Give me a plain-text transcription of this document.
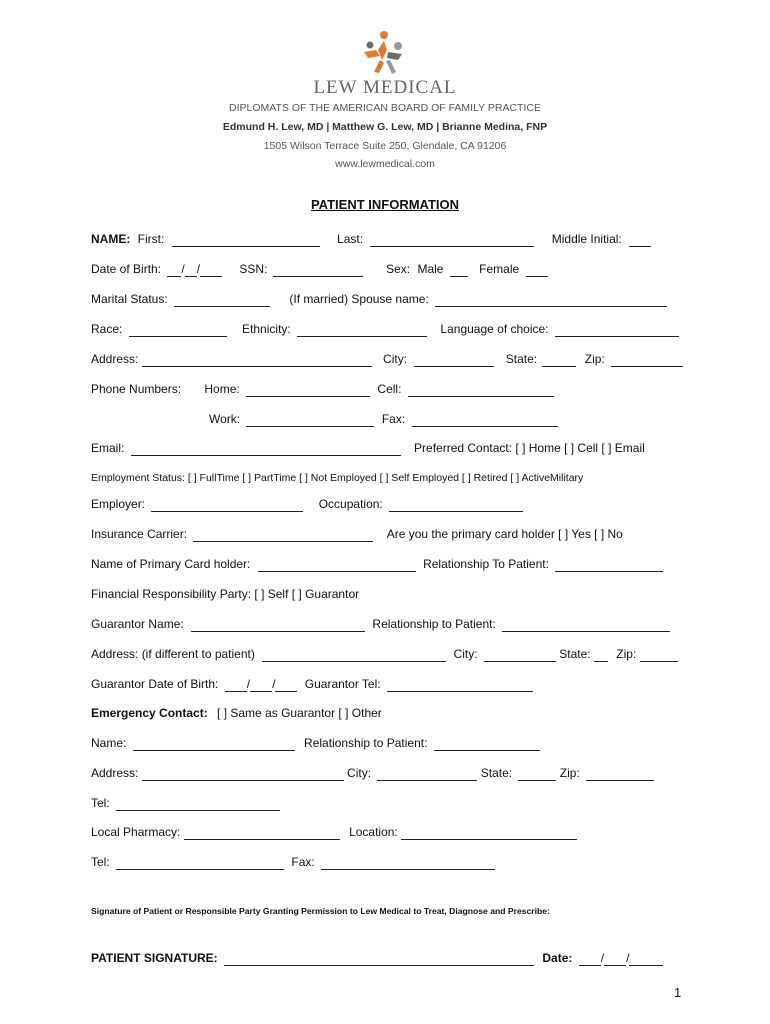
LEW MEDICAL
DIPLOMATS OF THE AMERICAN BOARD OF FAMILY PRACTICE
Edmund H. Lew, MD | Matthew G. Lew, MD | Brianne Medina, FNP
1505 Wilson Terrace Suite 250, Glendale, CA 91206
www.lewmedical.com
PATIENT INFORMATION
NAME: First:	Last:	Middle Initial:
Date of Birth: / /	SSN:	Sex: Male	Female
Marital Status:	(If married) Spouse name:
Race:	Ethnicity:	Language of choice:
Address:	City:	State:	Zip:
Phone Numbers: Home:	Cell:
Work:	Fax:
Email:	Preferred Contact: [ ] Home [ ] Cell [ ] Email
Employment Status: [ ] FullTime [ ] PartTime [ ] Not Employed [ ] Self Employed [ ] Retired [ ] ActiveMilitary
Employer:	Occupation:
Insurance Carrier:	Are you the primary card holder [ ] Yes [ ] No
Name of Primary Card holder:	Relationship To Patient:
Financial Responsibility Party: [ ] Self [ ] Guarantor
Guarantor Name:	Relationship to Patient:
Address: (if different to patient)	City:	State: Zip:
Guarantor Date of Birth: / / Guarantor Tel:
Emergency Contact: [ ] Same as Guarantor [ ] Other
Name:	Relationship to Patient:
Address:	City:	State:	Zip:
Tel:
Local Pharmacy:	Location:
Tel:	Fax:
Signature of Patient or Responsible Party Granting Permission to Lew Medical to Treat, Diagnose and Prescribe:
PATIENT SIGNATURE:	Date: / /
1
